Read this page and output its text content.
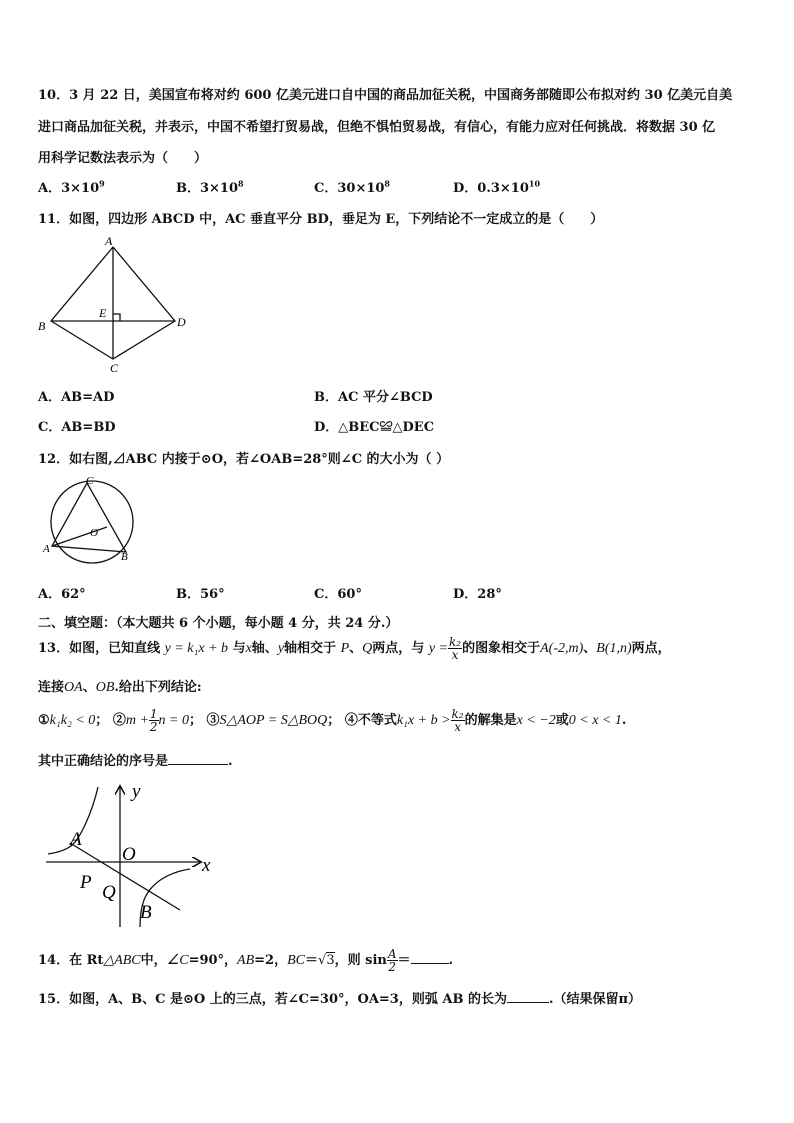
10．3 月 22 日，美国宣布将对约 600 亿美元进口自中国的商品加征关税，中国商务部随即公布拟对约 30 亿美元自美
进口商品加征关税，并表示，中国不希望打贸易战，但绝不惧怕贸易战，有信心，有能力应对任何挑战．将数据 30 亿
用科学记数法表示为（　　）
A．$3\times 10^9$	B．$3\times 10^8$	C．$30\times 10^8$	D．$0.3\times 10^{10}$
11．如图，四边形 ABCD 中，AC 垂直平分 BD，垂足为 E，下列结论不一定成立的是（　　）
A
B
C
D
E
A．AB=AD	B．AC 平分∠BCD
C．AB=BD	D．△BEC≌△DEC
12．如右图,⊿ABC 内接于⊙O，若∠OAB=28°则∠C 的大小为（ ）
C
A
B
O
A．62°	B．56°	C．60°	D．28°
二、填空题：（本大题共 6 个小题，每小题 4 分，共 24 分.）
13．如图，已知直线 y = k₁x + b 与x轴、y轴相交于 P、Q两点，与 $y = \frac{\text{k₂}}{x}$ 的图象相交于A(-2,m)、B(1,n)两点，
连接OA、OB.给出下列结论:
①k₁k₂ < 0； ②m + $\frac{1}{2}$ n = 0； ③S△AOP = S△BOQ； ④不等式$k_1x + b > \frac{\text{k₂}}{x}$ 的解集是x < −2或0 < x < 1.
其中正确结论的序号是	.
y
x
A
O
P Q
B
14．在 Rt△ABC中，∠C=90°，AB=2，BC＝√3，则 $\sin \frac{A}{2}$ ＝	.
15．如图，A、B、C 是⊙O 上的三点，若∠C=30°，OA=3，则弧 AB 的长为	.（结果保留π）
